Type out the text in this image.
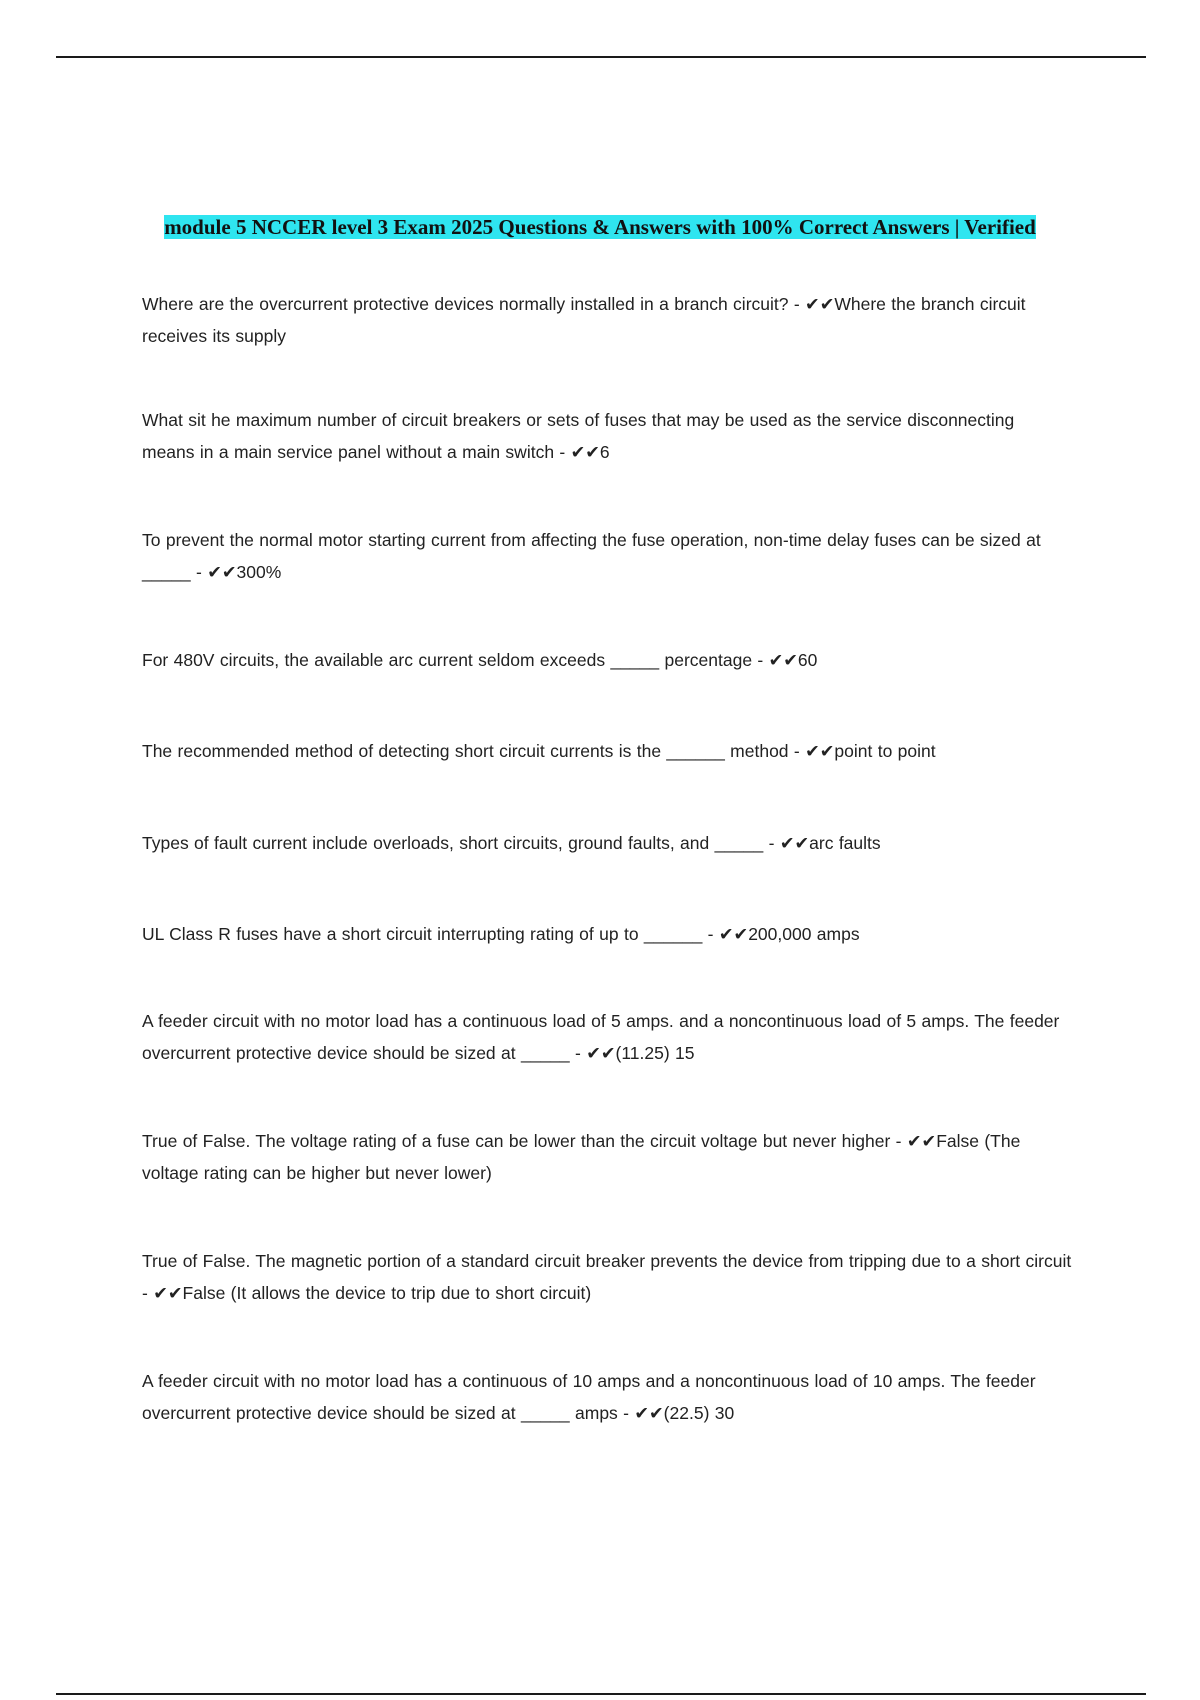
module 5 NCCER level 3 Exam 2025 Questions & Answers with 100% Correct Answers | Verified

Where are the overcurrent protective devices normally installed in a branch circuit? - ✔✔Where the branch circuit receives its supply

What sit he maximum number of circuit breakers or sets of fuses that may be used as the service disconnecting means in a main service panel without a main switch - ✔✔6

To prevent the normal motor starting current from affecting the fuse operation, non-time delay fuses can be sized at _____ - ✔✔300%

For 480V circuits, the available arc current seldom exceeds _____ percentage - ✔✔60

The recommended method of detecting short circuit currents is the ______ method - ✔✔point to point

Types of fault current include overloads, short circuits, ground faults, and _____ - ✔✔arc faults

UL Class R fuses have a short circuit interrupting rating of up to ______ - ✔✔200,000 amps

A feeder circuit with no motor load has a continuous load of 5 amps. and a noncontinuous load of 5 amps. The feeder overcurrent protective device should be sized at _____ - ✔✔(11.25) 15

True of False. The voltage rating of a fuse can be lower than the circuit voltage but never higher - ✔✔False (The voltage rating can be higher but never lower)

True of False. The magnetic portion of a standard circuit breaker prevents the device from tripping due to a short circuit - ✔✔False (It allows the device to trip due to short circuit)

A feeder circuit with no motor load has a continuous of 10 amps and a noncontinuous load of 10 amps. The feeder overcurrent protective device should be sized at _____ amps - ✔✔(22.5) 30
